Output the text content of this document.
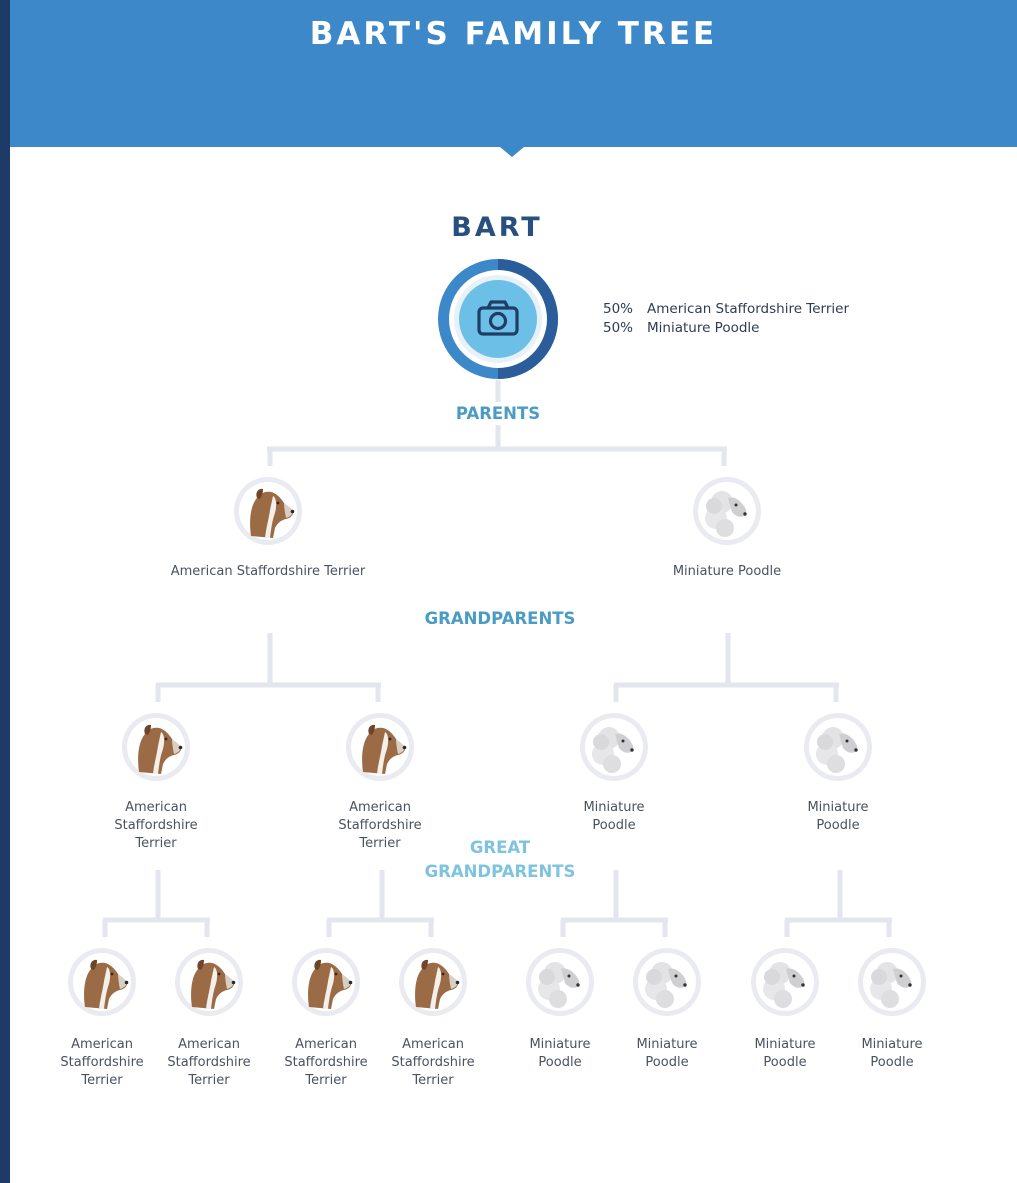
BART'S FAMILY TREE
BART
50% American Staffordshire Terrier
50% Miniature Poodle
PARENTS
GRANDPARENTS
GREAT
GRANDPARENTS
American Staffordshire Terrier	Miniature Poodle
American
Staffordshire
Terrier
American
Staffordshire
Terrier
Miniature
Poodle
Miniature
Poodle
American
Staffordshire
Terrier
American
Staffordshire
Terrier
American
Staffordshire
Terrier
American
Staffordshire
Terrier
Miniature
Poodle
Miniature
Poodle
Miniature
Poodle
Miniature
Poodle
